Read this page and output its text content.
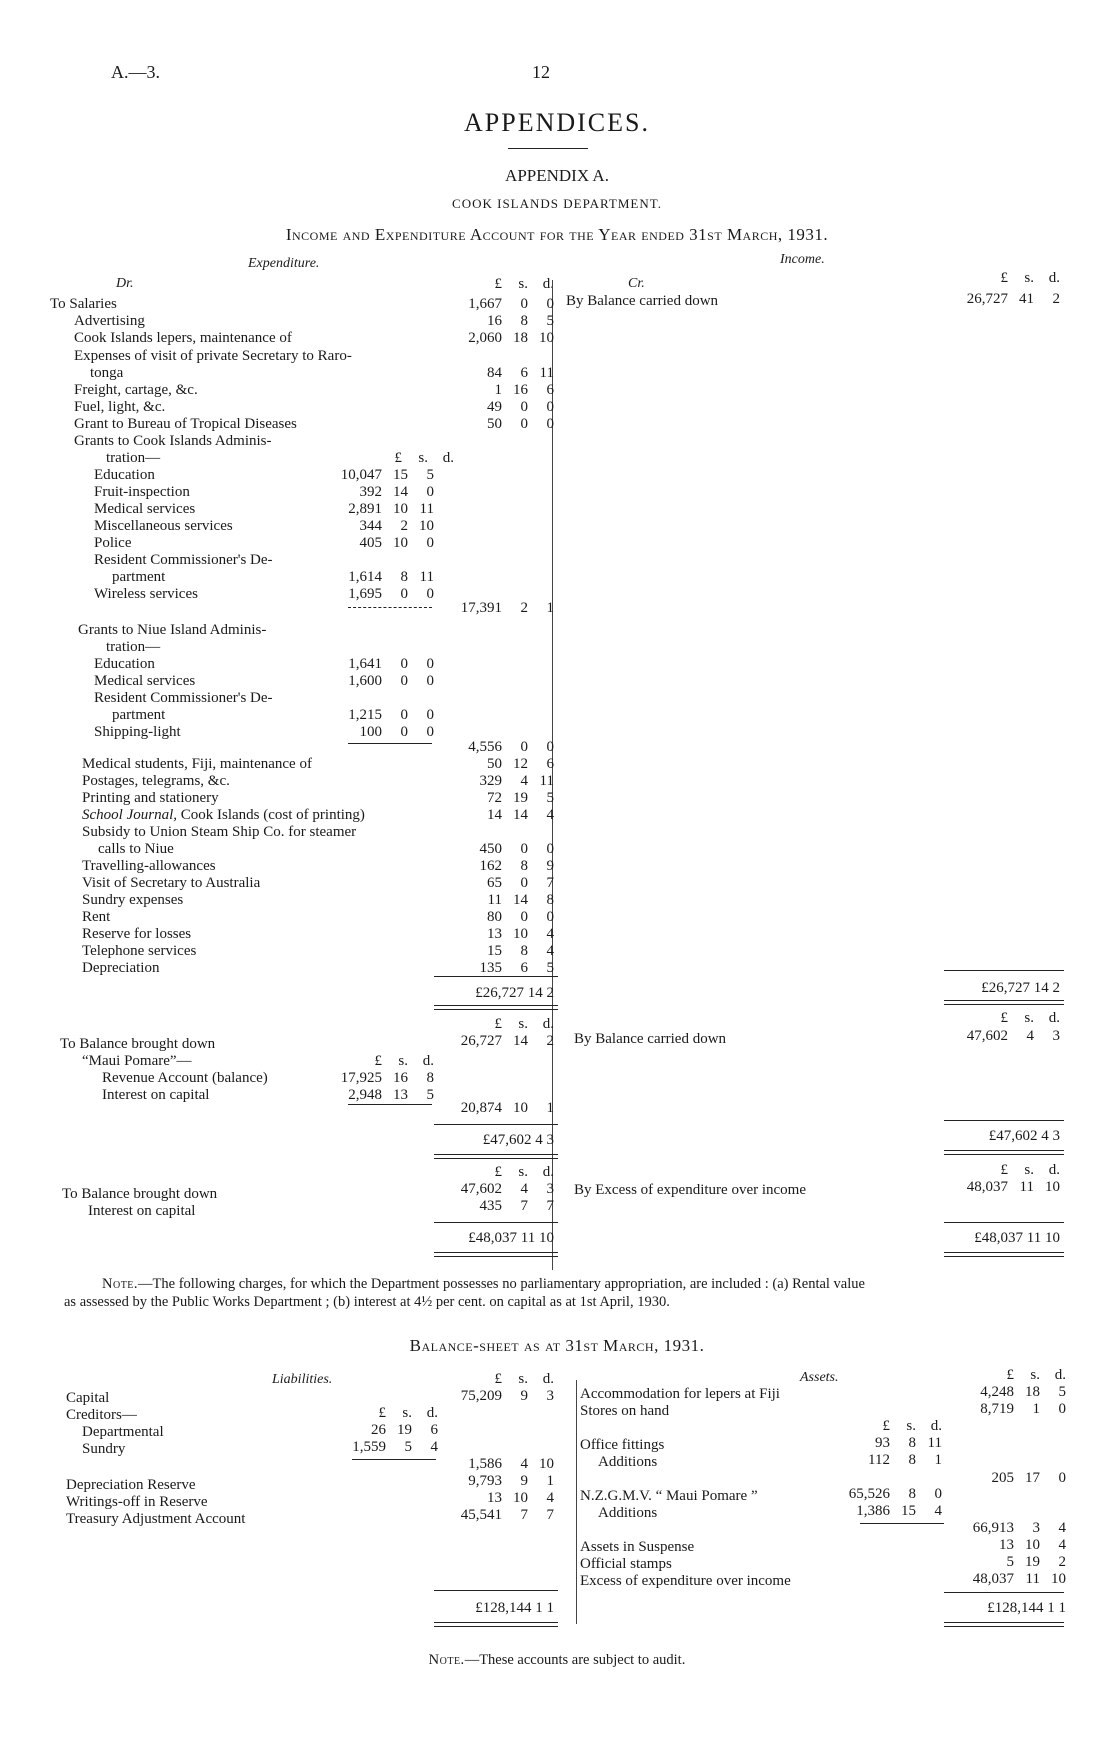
A.—3.	12
APPENDICES.
APPENDIX A.
COOK ISLANDS DEPARTMENT.
Income and Expenditure Account for the Year ended 31st March, 1931.
Expenditure.	Income.
Dr.	Cr.
£	s. d.	£	s. d.
To Salaries	1,667	0	0
Advertising	16	8	5
Cook Islands lepers, maintenance of	2,060 18 10
Expenses of visit of private Secretary to Raro-
tonga	84	6 11
Freight, cartage, &c.	1 16	6
Fuel, light, &c.	49	0	0
Grant to Bureau of Tropical Diseases	50	0	0
Grants to Cook Islands Adminis-
tration—	£	s. d.
Education	10,047 15	5
Fruit-inspection	392 14	0
Medical services	2,891 10 11
Miscellaneous services	344	2 10
Police	405 10	0
Resident Commissioner's De-
partment	1,614	8 11
Wireless services	1,695	0	0
17,391	2	1
Grants to Niue Island Adminis-
tration—
Education	1,641	0	0
Medical services	1,600	0	0
Resident Commissioner's De-
partment	1,215	0	0
Shipping-light	100	0	0
4,556	0	0
Medical students, Fiji, maintenance of	50 12	6
Postages, telegrams, &c.	329	4 11
Printing and stationery	72 19	5
School Journal, Cook Islands (cost of printing)	14 14	4
Subsidy to Union Steam Ship Co. for steamer
calls to Niue	450	0	0
Travelling-allowances	162	8	9
Visit of Secretary to Australia	65	0	7
Sundry expenses	11 14	8
Rent	80	0	0
Reserve for losses	13 10	4
Telephone services	15	8	4
Depreciation	135	6	5
£26,727 14 2
By Balance carried down	26,727 41	2
£26,727 14 2
£	s. d.
To Balance brought down	26,727 14	2
“Maui Pomare”—	£	s. d.
Revenue Account (balance)	17,925 16	8
Interest on capital	2,948 13	5
20,874 10	1
£47,602 4 3
£	s. d.
By Balance carried down	47,602	4	3
£47,602 4 3
£	s. d.
To Balance brought down	47,602	4	3
Interest on capital	435	7	7
£48,037 11 10
£	s. d.
By Excess of expenditure over income	48,037 11 10
£48,037 11 10
Note.—The following charges, for which the Department possesses no parliamentary appropriation, are included : (a) Rental value
as assessed by the Public Works Department ; (b) interest at 4½ per cent. on capital as at 1st April, 1930.
Balance-sheet as at 31st March, 1931.
Liabilities.	Assets.
£	s. d.	£	s. d.
Capital	75,209	9	3
Creditors—	£	s. d.
Departmental	26 19	6
Sundry	1,559	5	4
1,586	4 10
Depreciation Reserve	9,793	9	1
Writings-off in Reserve	13 10	4
Treasury Adjustment Account	45,541	7	7
£128,144 1 1
Accommodation for lepers at Fiji	4,248 18	5
Stores on hand	8,719	1	0
£	s. d.
Office fittings	93	8 11
Additions	112	8	1
205 17	0
N.Z.G.M.V. “ Maui Pomare ”	65,526	8	0
Additions	1,386 15	4
66,913	3	4
Assets in Suspense	13 10	4
Official stamps	5 19	2
Excess of expenditure over income	48,037 11 10
£128,144 1 1
Note.—These accounts are subject to audit.
